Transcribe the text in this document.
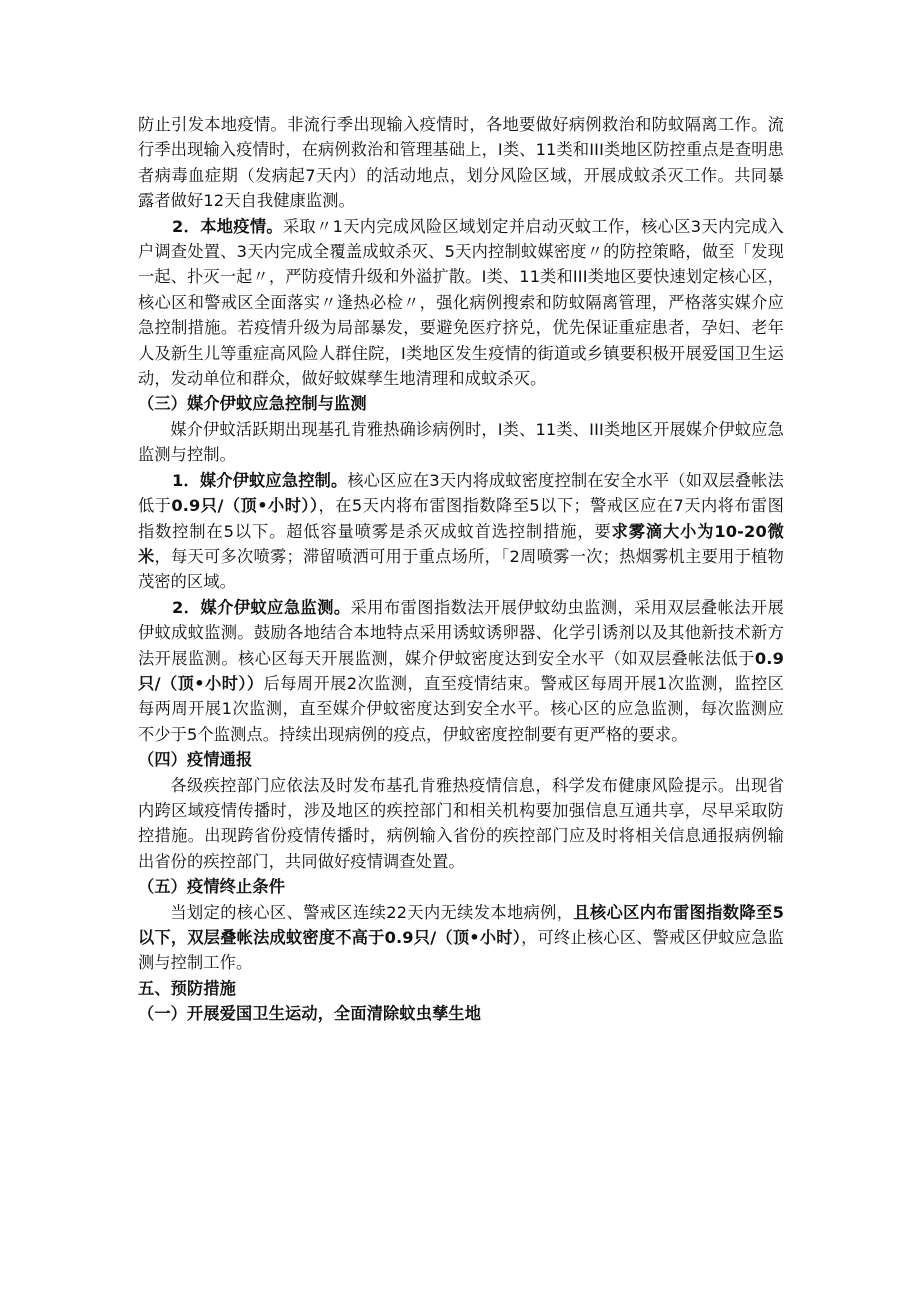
防止引发本地疫情。非流行季出现输入疫情时，各地要做好病例救治和防蚊隔离工作。流行季出现输入疫情时，在病例救治和管理基础上，I类、11类和III类地区防控重点是查明患者病毒血症期（发病起7天内）的活动地点，划分风险区域，开展成蚊杀灭工作。共同暴露者做好12天自我健康监测。

2．本地疫情。采取〃1天内完成风险区域划定并启动灭蚊工作，核心区3天内完成入户调查处置、3天内完成全覆盖成蚊杀灭、5天内控制蚊媒密度〃的防控策略，做至「发现一起、扑灭一起〃，严防疫情升级和外溢扩散。I类、11类和III类地区要快速划定核心区，核心区和警戒区全面落实〃逢热必检〃，强化病例搜索和防蚊隔离管理，严格落实媒介应急控制措施。若疫情升级为局部暴发，要避免医疗挤兑，优先保证重症患者，孕妇、老年人及新生儿等重症高风险人群住院，I类地区发生疫情的街道或乡镇要积极开展爱国卫生运动，发动单位和群众，做好蚊媒孳生地清理和成蚊杀灭。

（三）媒介伊蚊应急控制与监测

媒介伊蚊活跃期出现基孔肯雅热确诊病例时，I类、11类、III类地区开展媒介伊蚊应急监测与控制。

1．媒介伊蚊应急控制。核心区应在3天内将成蚊密度控制在安全水平（如双层叠帐法低于0.9只/（顶•小时）），在5天内将布雷图指数降至5以下；警戒区应在7天内将布雷图指数控制在5以下。超低容量喷雾是杀灭成蚊首选控制措施，要求雾滴大小为10-20微米，每天可多次喷雾；滞留喷洒可用于重点场所，「2周喷雾一次；热烟雾机主要用于植物茂密的区域。

2．媒介伊蚊应急监测。采用布雷图指数法开展伊蚊幼虫监测，采用双层叠帐法开展伊蚊成蚊监测。鼓励各地结合本地特点采用诱蚊诱卵器、化学引诱剂以及其他新技术新方法开展监测。核心区每天开展监测，媒介伊蚊密度达到安全水平（如双层叠帐法低于0.9只/（顶•小时））后每周开展2次监测，直至疫情结束。警戒区每周开展1次监测，监控区每两周开展1次监测，直至媒介伊蚊密度达到安全水平。核心区的应急监测，每次监测应不少于5个监测点。持续出现病例的疫点，伊蚊密度控制要有更严格的要求。

（四）疫情通报

各级疾控部门应依法及时发布基孔肯雅热疫情信息，科学发布健康风险提示。出现省内跨区域疫情传播时，涉及地区的疾控部门和相关机构要加强信息互通共享，尽早采取防控措施。出现跨省份疫情传播时，病例输入省份的疾控部门应及时将相关信息通报病例输出省份的疾控部门，共同做好疫情调查处置。

（五）疫情终止条件

当划定的核心区、警戒区连续22天内无续发本地病例，且核心区内布雷图指数降至5以下，双层叠帐法成蚊密度不高于0.9只/（顶•小时），可终止核心区、警戒区伊蚊应急监测与控制工作。

五、预防措施

（一）开展爱国卫生运动，全面清除蚊虫孳生地
